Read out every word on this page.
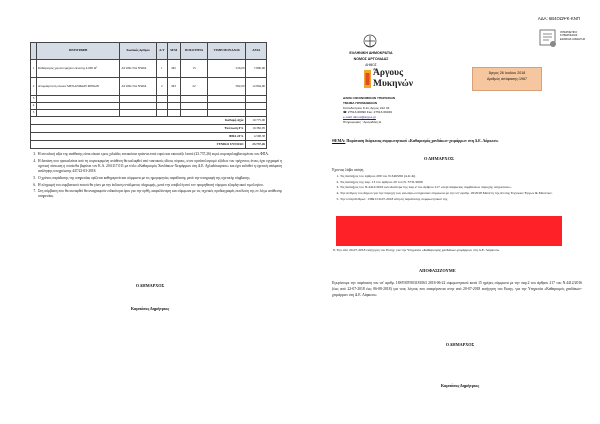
	ΠΕΡΙΓΡΑΦΗ	Κωδικός Αρθρου	Α/Τ	Μ/Μ	ΠΟΣΟΤΗΤΑ	ΤΙΜΗ ΜΟΝΑΔΟΣ	ΑΞΙΑ
1	Καθαρισμός χερσοτεμαχίου έκτασης 4.000 m²	ΑΤ ΟΙΚ ΝΑ Ν5064	1	Μ2	15	526,00	7.890,00
2	Απομάκρυνση υλικών ΜΕΧΑΝΙΚΩΝ ΜΕΣΩΝ	ΑΤ ΟΙΚ ΝΑ Ν5064	2	Μ3	22	582,00	12.804,00
3							
4							
5							
Καθαρή Αξία							19.775,00
Έκπτωση 0%							19.382,95
ΦΠΑ 24%							4.598,38
ΓΕΝΙΚΟ ΣΥΝΟΛΟ							23.737,26
3. Η συνολική αξία της ανάθεσης είναι είκοσι τρεις χιλιάδες επτακόσια τριάντα επτά ευρώ και εικοσιέξι λεπτά (23.737,26) ευρώ συμπεριλαμβανομένου του ΦΠΑ.
4. Η δαπάνη που προκαλείται από τη συγκεκριμένη ανάθεση θα καλυφθεί από τακτικούς ιδίους πόρους, στον προϋπολογισμό εξόδων του τρέχοντος έτους έχει εγγραφεί η σχετική πίστωση η οποία θα βαρύνει τον Κ.Α. 20.6117.011 με τίτλο «Καθαρισμός Χανδάκων-Χειμάρρων στη Δ.Ε. Αχλαδόκαμπου» και έχει εκδοθεί η σχετική απόφαση ανάληψης υποχρέωσης 447/22-03-2018.
5. Ο χρόνος παράδοσης της υπηρεσίας ορίζεται καθημερινά και σύμφωνα με τις ημερομηνίες παράδοσης μετά την υπογραφή της σχετικής σύμβασης.
6. Η πληρωμή του συμβατικού ποσού θα γίνει με την έκδοση εντάλματος πληρωμής, μετά την υποβολή από τον προμηθευτή νόμιμου εξοφλητικού τιμολογίου.
7. Στη σύμβαση που θα συναφθεί θα αναγραφούν ειδικότερα όροι για την ορθή, ασφαλέστερη και σύμφωνα με τις τεχνικές προδιαγραφές εκτέλεση της εν λόγω ανάθεσης υπηρεσίας.
Ο ΔΗΜΑΡΧΟΣ
Καμπόσος Δημήτριος
ΑΔΑ: 6Β4ΟΩΨΚ-ΚΝΠ
ΙΝΤΕΡΝΕΤΙΚΟ ΚΥΒΕΡΝΗΣΗΣ ΕΘΝΙΚΗΣ ΑΙΣΘΗΤΗΣ
ΕΛΛΗΝΙΚΗ ΔΗΜΟΚΡΑΤΙΑ
ΝΟΜΟΣ ΑΡΓΟΛΙΔΑΣ
ΔΗΜΟΣ
Άργους
Μυκηνών
Δ/ΝΣΗ ΟΙΚΟΝΟΜΙΚΩΝ ΥΠΗΡΕΣΙΩΝ
ΤΜΗΜΑ ΠΡΟΜΗΘΕΙΩΝ
Καποδιστρίου 9-11, Άργος 212 32
☎ 27513-60090 Fax: 27513-60049
e-mail: dimos@argos.gr
Πληροφορίες : Αμαριδάκη Δ.
Άργος 26 Ιουλίου 2018
Αριθμός απόφασης:1967
ΘΕΜΑ: Παράταση διάρκειας συμφωνητικού «Καθαρισμός χανδάκων-χειμάρρων στη Δ.Ε. Λάρκεσι»
Ο ΔΗΜΑΡΧΟΣ
Έχοντας λάβει υπόψη
1. Τις διατάξεις του άρθρου 209 του Ν.3463/06 (Δ.Κ.Κ)
2. Τις διατάξεις της παρ. 13 του άρθρου 20 του Ν. 3731/2008
3. Τις διατάξεις του Ν.4412/2016 και ιδιαίτερα της παρ.2 του άρθρου 217 «περί διάρκειας συμβάσεων παροχής υπηρεσιών».
4. Την ανάγκη του Δήμου για την παροχή των ανωτέρω υπηρεσιών σύμφωνα με την υπ' αριθμ. 18/2018 Μελέτη της Δ/νσης Τεχνικών Έργων & Μελετών.
5. Την υπ'αριθ.Πρωτ. 13691/19-07-2018 αίτηση παράτασης συμφωνητικού της
8. Την από 20-07-2018 εισήγηση του Εισηγ. για την Υπηρεσία «Καθαρισμός χανδάκων-χειμάρρων στη Δ.Ε. Λάρκεσι»
ΑΠΟΦΑΣΙΖΟΥΜΕ
Εγκρίνουμε την παράταση του υπ' αριθμ. 18SYMV003181063 2018-06-22 συμφωνητικού κατά 15 ημέρες σύμφωνα με την παρ.2 του άρθρου 217 του Ν.4412/2016 (έως από 22-07-2018 έως 06-08-2018) για τους λόγους που αναφέρονται στην από 20-07-2018 εισήγηση του Εισηγ. για την Υπηρεσία «Καθαρισμός χανδάκων-χειμάρρων στη Δ.Ε. Λάρκεσι»
Ο ΔΗΜΑΡΧΟΣ
Καμπόσος Δημήτριος
